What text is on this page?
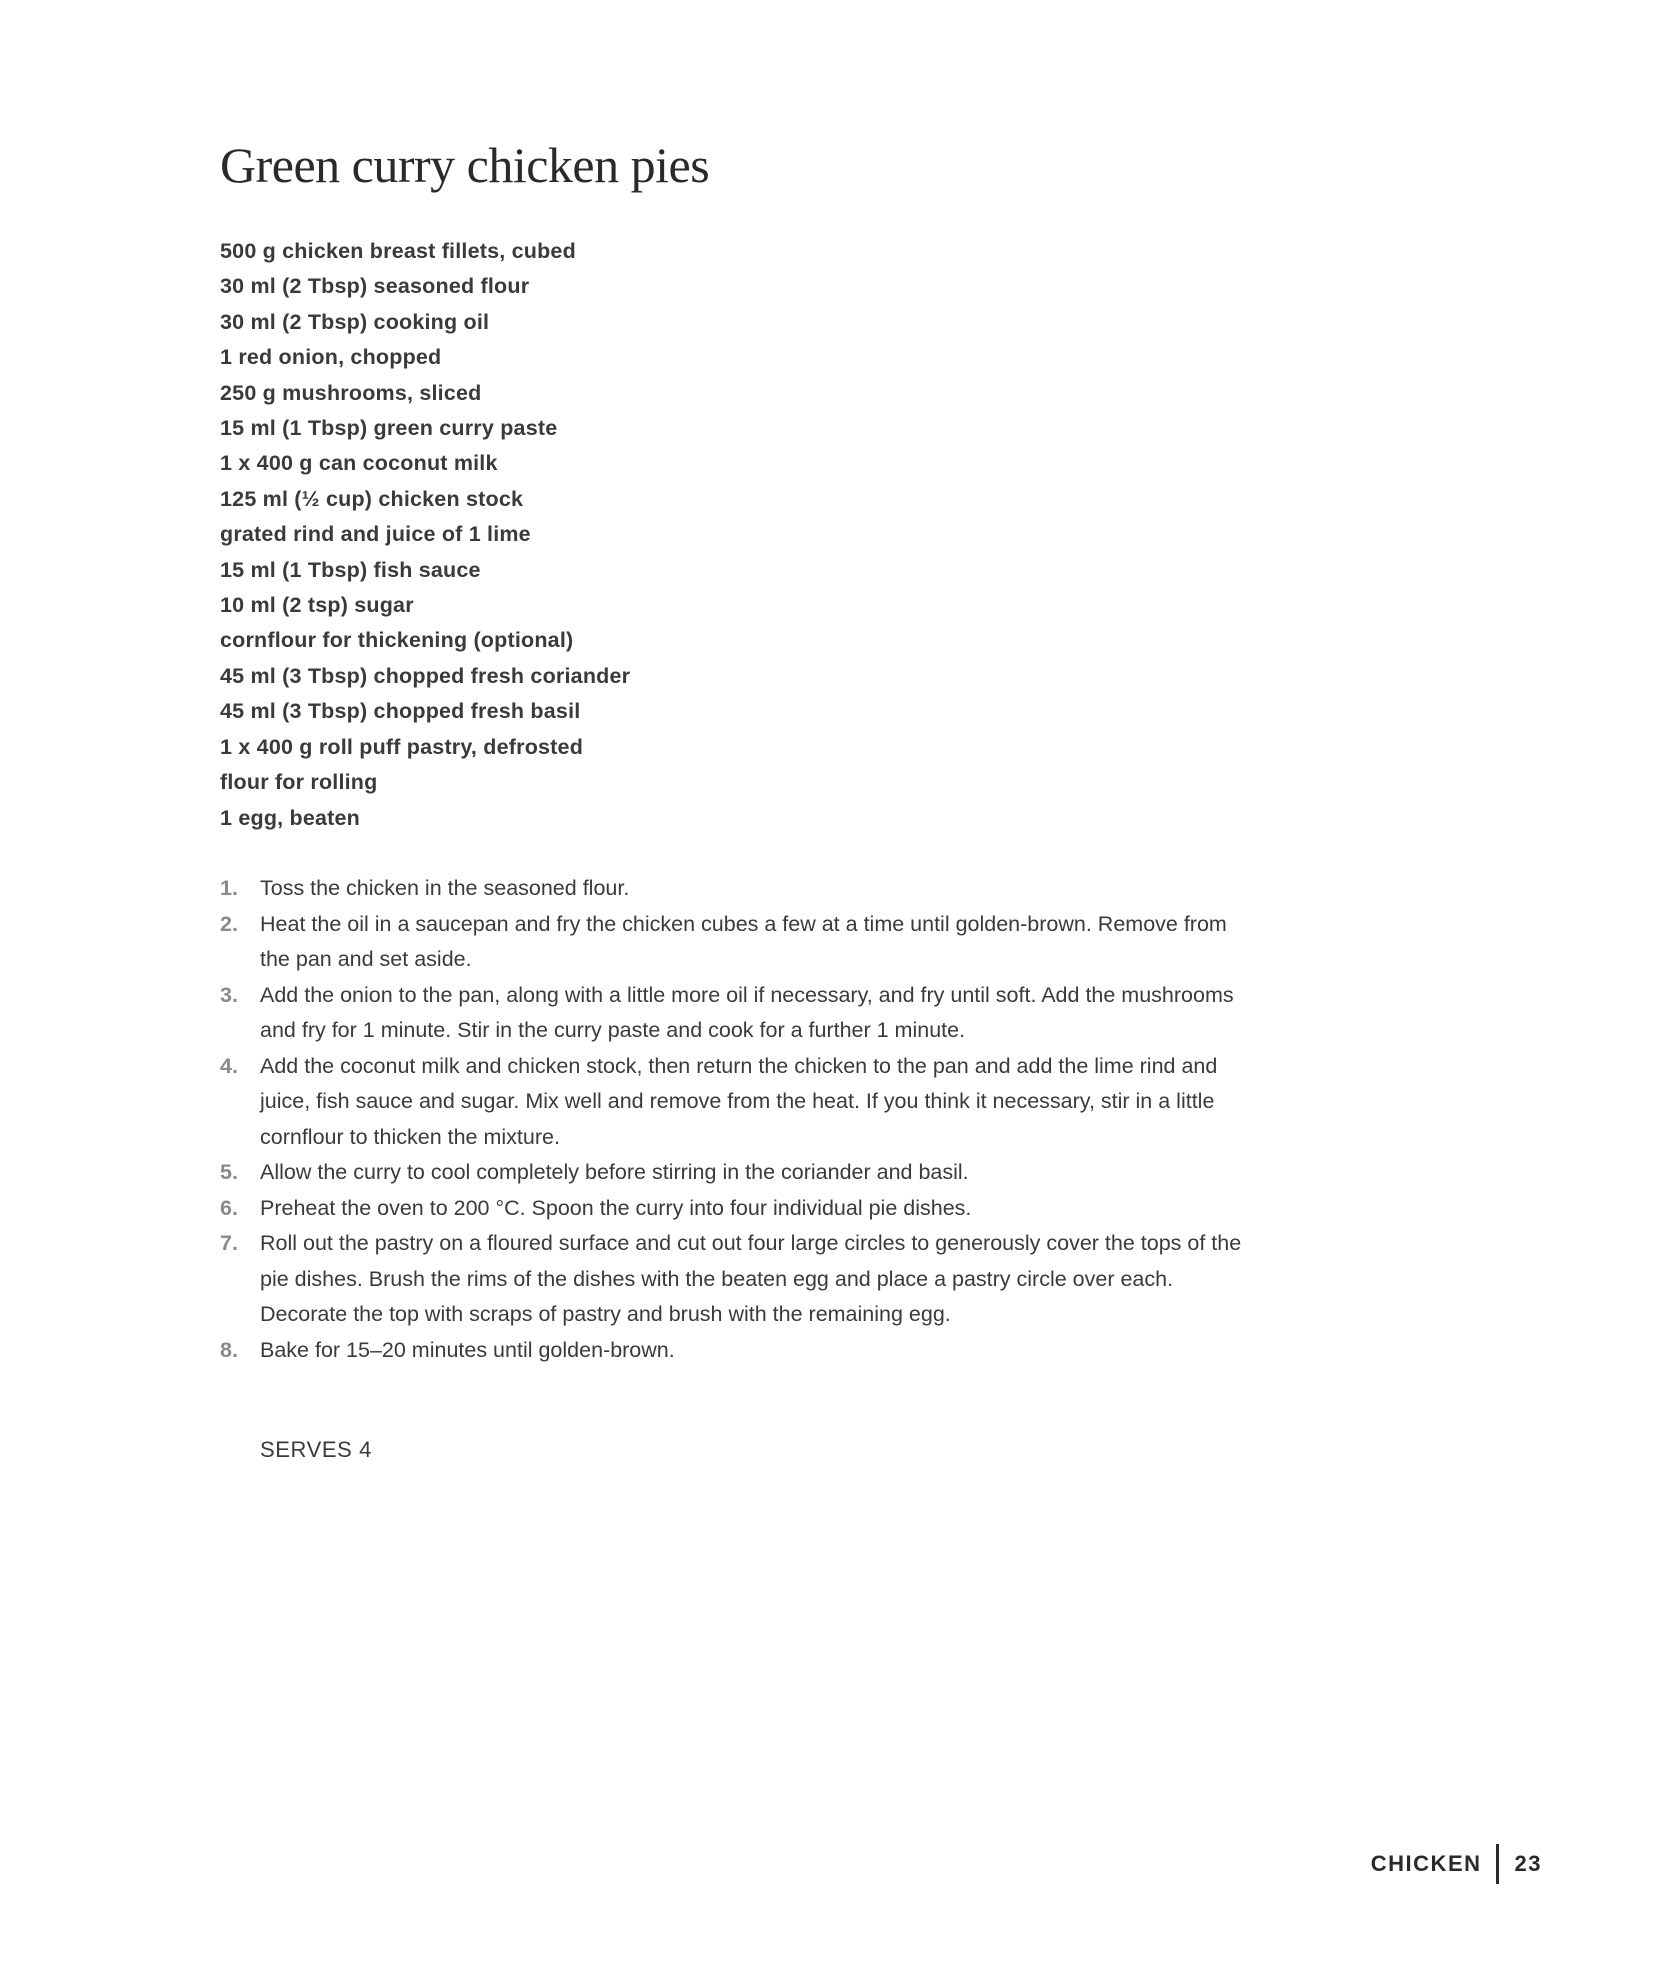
Green curry chicken pies
500 g chicken breast fillets, cubed
30 ml (2 Tbsp) seasoned flour
30 ml (2 Tbsp) cooking oil
1 red onion, chopped
250 g mushrooms, sliced
15 ml (1 Tbsp) green curry paste
1 x 400 g can coconut milk
125 ml (½ cup) chicken stock
grated rind and juice of 1 lime
15 ml (1 Tbsp) fish sauce
10 ml (2 tsp) sugar
cornflour for thickening (optional)
45 ml (3 Tbsp) chopped fresh coriander
45 ml (3 Tbsp) chopped fresh basil
1 x 400 g roll puff pastry, defrosted
flour for rolling
1 egg, beaten
1.	Toss the chicken in the seasoned flour.
2.	Heat the oil in a saucepan and fry the chicken cubes a few at a time until golden-brown. Remove from the pan and set aside.
3.	Add the onion to the pan, along with a little more oil if necessary, and fry until soft. Add the mushrooms and fry for 1 minute. Stir in the curry paste and cook for a further 1 minute.
4.	Add the coconut milk and chicken stock, then return the chicken to the pan and add the lime rind and juice, fish sauce and sugar. Mix well and remove from the heat. If you think it necessary, stir in a little cornflour to thicken the mixture.
5.	Allow the curry to cool completely before stirring in the coriander and basil.
6.	Preheat the oven to 200 °C. Spoon the curry into four individual pie dishes.
7.	Roll out the pastry on a floured surface and cut out four large circles to generously cover the tops of the pie dishes. Brush the rims of the dishes with the beaten egg and place a pastry circle over each. Decorate the top with scraps of pastry and brush with the remaining egg.
8.	Bake for 15–20 minutes until golden-brown.
SERVES 4
CHICKEN 23
